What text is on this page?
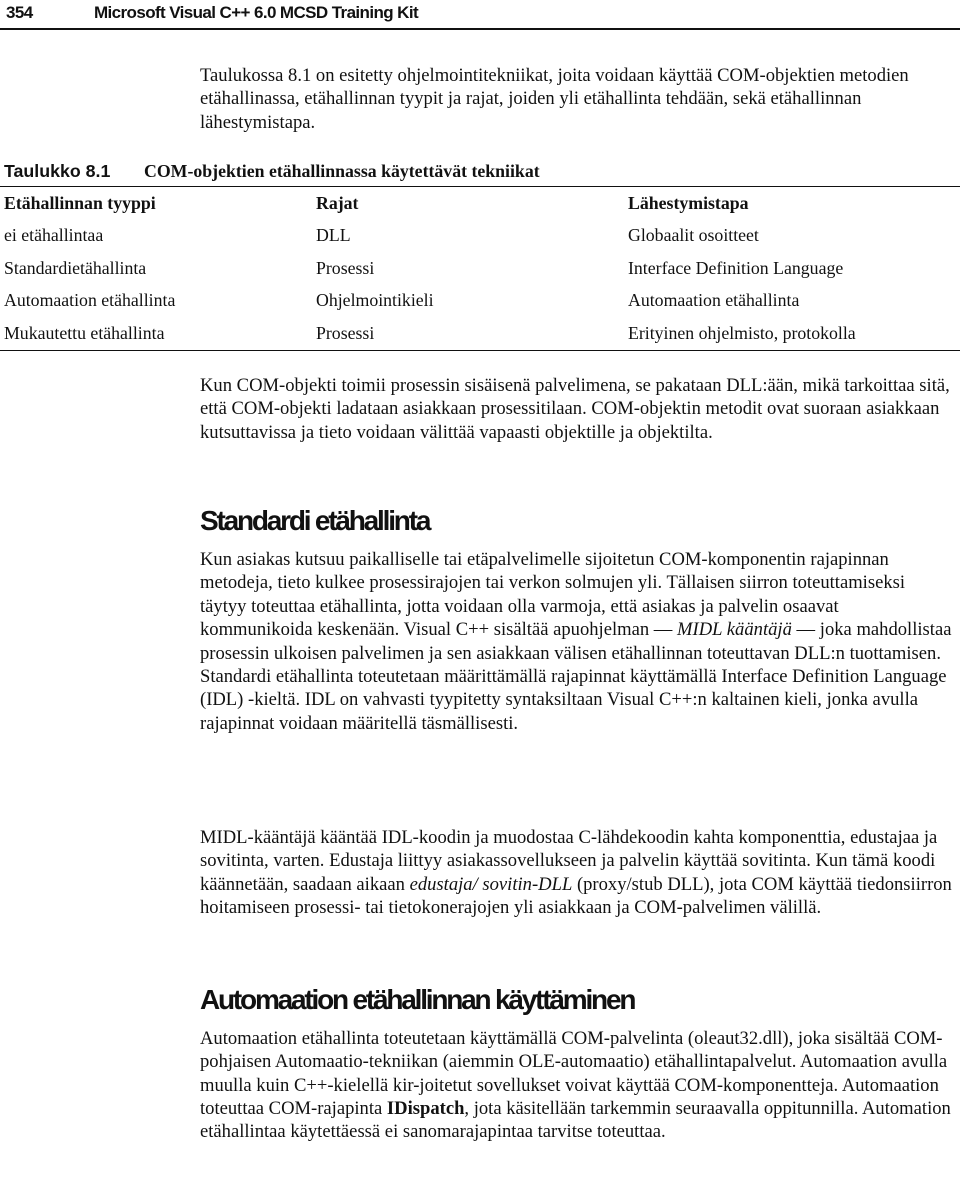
354	Microsoft Visual C++ 6.0 MCSD Training Kit
Taulukossa 8.1 on esitetty ohjelmointitekniikat, joita voidaan käyttää COM-objektien metodien etähallinassa, etähallinnan tyypit ja rajat, joiden yli etähallinta tehdään, sekä etähallinnan lähestymistapa.
Taulukko 8.1 COM-objektien etähallinnassa käytettävät tekniikat
Etähallinnan tyyppi	Rajat	Lähestymistapa
ei etähallintaa	DLL	Globaalit osoitteet
Standardietähallinta	Prosessi	Interface Definition Language
Automaation etähallinta	Ohjelmointikieli	Automaation etähallinta
Mukautettu etähallinta	Prosessi	Erityinen ohjelmisto, protokolla
Kun COM-objekti toimii prosessin sisäisenä palvelimena, se pakataan DLL:ään, mikä tarkoittaa sitä, että COM-objekti ladataan asiakkaan prosessitilaan. COM-objektin metodit ovat suoraan asiakkaan kutsuttavissa ja tieto voidaan välittää vapaasti objektille ja objektilta.
Standardi etähallinta
Kun asiakas kutsuu paikalliselle tai etäpalvelimelle sijoitetun COM-komponentin rajapinnan metodeja, tieto kulkee prosessirajojen tai verkon solmujen yli. Tällaisen siirron toteuttamiseksi täytyy toteuttaa etähallinta, jotta voidaan olla varmoja, että asiakas ja palvelin osaavat kommunikoida keskenään. Visual C++ sisältää apuohjelman — MIDL kääntäjä — joka mahdollistaa prosessin ulkoisen palvelimen ja sen asiakkaan välisen etähallinnan toteuttavan DLL:n tuottamisen. Standardi etähallinta toteutetaan määrittämällä rajapinnat käyttämällä Interface Definition Language (IDL) -kieltä. IDL on vahvasti tyypitetty syntaksiltaan Visual C++:n kaltainen kieli, jonka avulla rajapinnat voidaan määritellä täsmällisesti.
MIDL-kääntäjä kääntää IDL-koodin ja muodostaa C-lähdekoodin kahta komponenttia, edustajaa ja sovitinta, varten. Edustaja liittyy asiakassovellukseen ja palvelin käyttää sovitinta. Kun tämä koodi käännetään, saadaan aikaan edustaja/ sovitin-DLL (proxy/stub DLL), jota COM käyttää tiedonsiirron hoitamiseen prosessi- tai tietokonerajojen yli asiakkaan ja COM-palvelimen välillä.
Automaation etähallinnan käyttäminen
Automaation etähallinta toteutetaan käyttämällä COM-palvelinta (oleaut32.dll), joka sisältää COM-pohjaisen Automaatio-tekniikan (aiemmin OLE-automaatio) etähallintapalvelut. Automaation avulla muulla kuin C++-kielellä kir-joitetut sovellukset voivat käyttää COM-komponentteja. Automaation toteuttaa COM-rajapinta IDispatch, jota käsitellään tarkemmin seuraavalla oppitunnilla. Automation etähallintaa käytettäessä ei sanomarajapintaa tarvitse toteuttaa.
